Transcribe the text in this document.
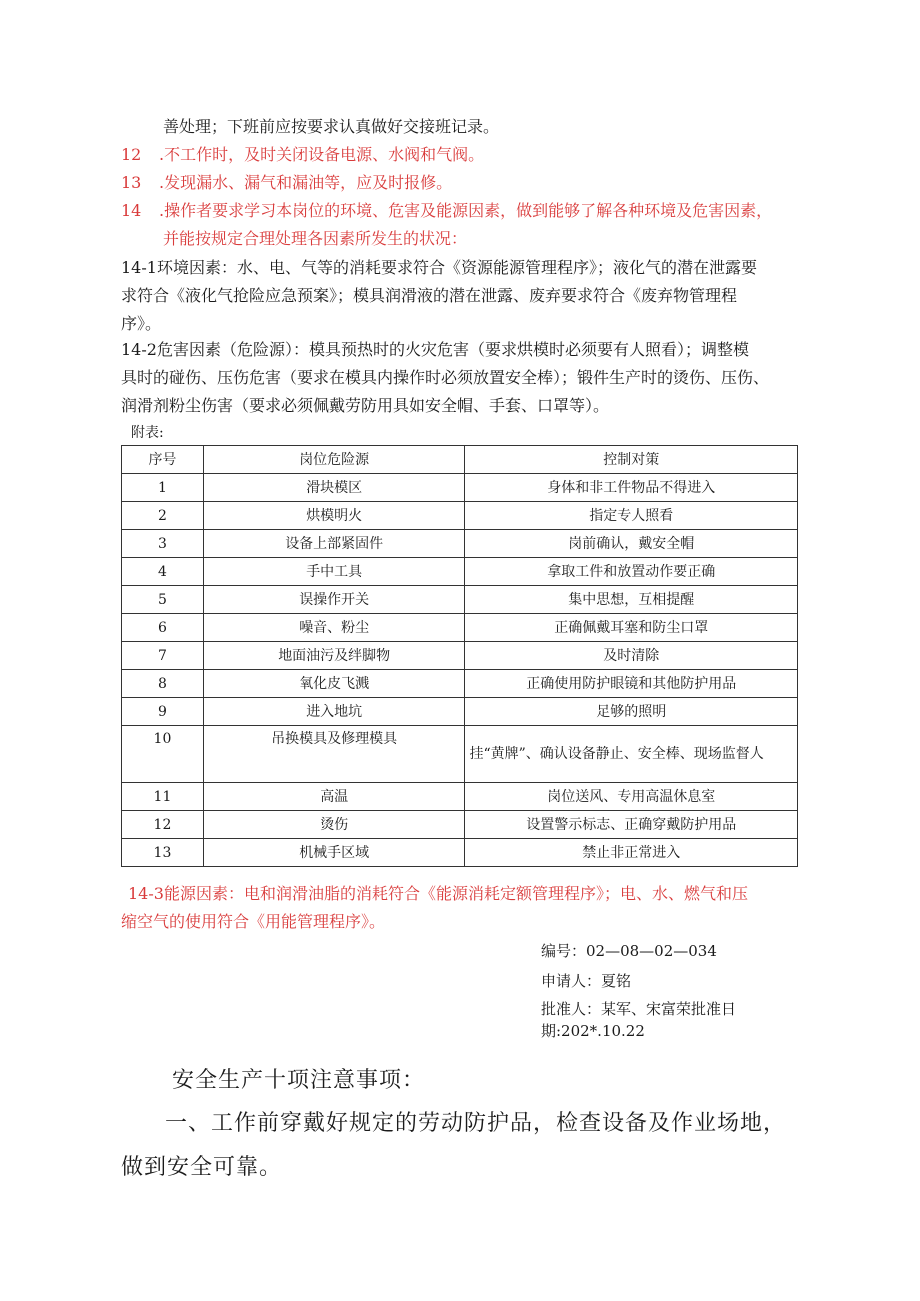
善处理；下班前应按要求认真做好交接班记录。
12 .不工作时，及时关闭设备电源、水阀和气阀。
13 .发现漏水、漏气和漏油等，应及时报修。
14 .操作者要求学习本岗位的环境、危害及能源因素，做到能够了解各种环境及危害因素，
并能按规定合理处理各因素所发生的状况：
14-1环境因素：水、电、气等的消耗要求符合《资源能源管理程序》；液化气的潜在泄露要
求符合《液化气抢险应急预案》；模具润滑液的潜在泄露、废弃要求符合《废弃物管理程
序》。
14-2危害因素（危险源）：模具预热时的火灾危害（要求烘模时必须要有人照看）；调整模
具时的碰伤、压伤危害（要求在模具内操作时必须放置安全棒）；锻件生产时的烫伤、压伤、
润滑剂粉尘伤害（要求必须佩戴劳防用具如安全帽、手套、口罩等）。
附表:
序号	岗位危险源	控制对策
1	滑块模区	身体和非工件物品不得进入
2	烘模明火	指定专人照看
3	设备上部紧固件	岗前确认，戴安全帽
4	手中工具	拿取工件和放置动作要正确
5	误操作开关	集中思想，互相提醒
6	噪音、粉尘	正确佩戴耳塞和防尘口罩
7	地面油污及绊脚物	及时清除
8	氧化皮飞溅	正确使用防护眼镜和其他防护用品
9	进入地坑	足够的照明
10	吊换模具及修理模具	挂“黄牌”、确认设备静止、安全棒、现场监督人
11	高温	岗位送风、专用高温休息室
12	烫伤	设置警示标志、正确穿戴防护用品
13	机械手区域	禁止非正常进入
14-3能源因素：电和润滑油脂的消耗符合《能源消耗定额管理程序》；电、水、燃气和压
缩空气的使用符合《用能管理程序》。
编号：02—08—02—034
申请人：夏铭
批准人：某军、宋富荣批准日
期:202*.10.22
安全生产十项注意事项：
一、工作前穿戴好规定的劳动防护品，检查设备及作业场地，
做到安全可靠。
